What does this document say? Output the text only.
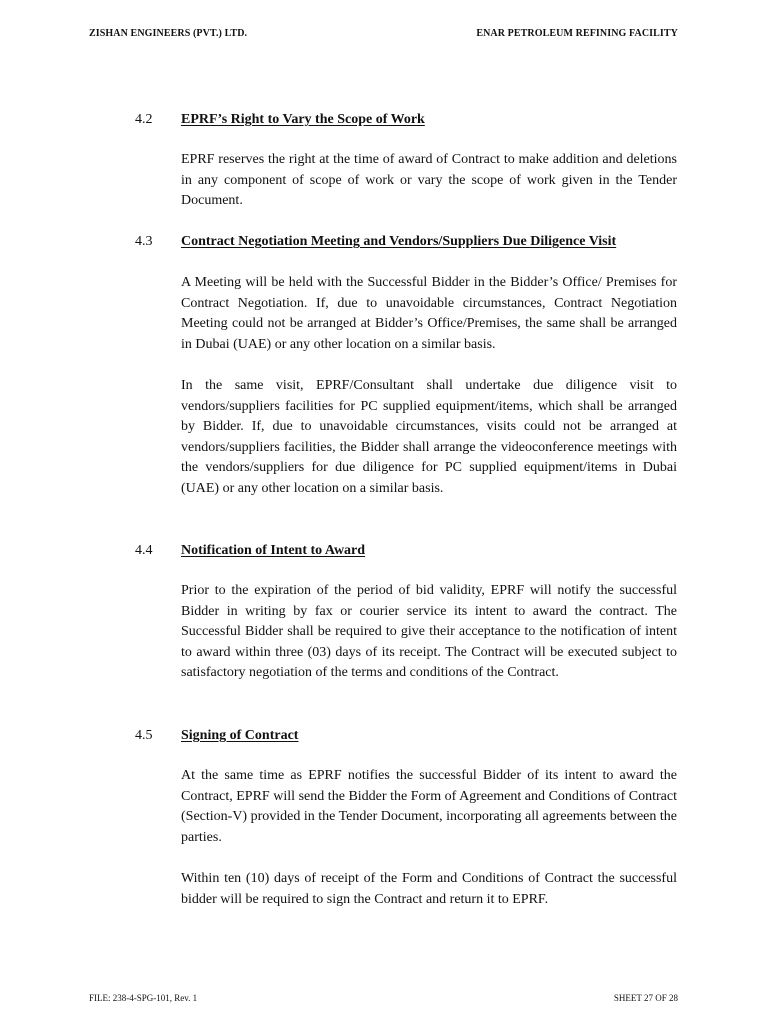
ZISHAN ENGINEERS (PVT.) LTD.	ENAR PETROLEUM REFINING FACILITY
4.2 EPRF’s Right to Vary the Scope of Work

EPRF reserves the right at the time of award of Contract to make addition and deletions in any component of scope of work or vary the scope of work given in the Tender Document.

4.3 Contract Negotiation Meeting and Vendors/Suppliers Due Diligence Visit

A Meeting will be held with the Successful Bidder in the Bidder’s Office/ Premises for Contract Negotiation. If, due to unavoidable circumstances, Contract Negotiation Meeting could not be arranged at Bidder’s Office/Premises, the same shall be arranged in Dubai (UAE) or any other location on a similar basis.

In the same visit, EPRF/Consultant shall undertake due diligence visit to vendors/suppliers facilities for PC supplied equipment/items, which shall be arranged by Bidder. If, due to unavoidable circumstances, visits could not be arranged at vendors/suppliers facilities, the Bidder shall arrange the videoconference meetings with the vendors/suppliers for due diligence for PC supplied equipment/items in Dubai (UAE) or any other location on a similar basis.

4.4 Notification of Intent to Award

Prior to the expiration of the period of bid validity, EPRF will notify the successful Bidder in writing by fax or courier service its intent to award the contract. The Successful Bidder shall be required to give their acceptance to the notification of intent to award within three (03) days of its receipt. The Contract will be executed subject to satisfactory negotiation of the terms and conditions of the Contract.

4.5 Signing of Contract

At the same time as EPRF notifies the successful Bidder of its intent to award the Contract, EPRF will send the Bidder the Form of Agreement and Conditions of Contract (Section-V) provided in the Tender Document, incorporating all agreements between the parties.

Within ten (10) days of receipt of the Form and Conditions of Contract the successful bidder will be required to sign the Contract and return it to EPRF.

FILE: 238-4-SPG-101, Rev. 1	SHEET 27 OF 28
